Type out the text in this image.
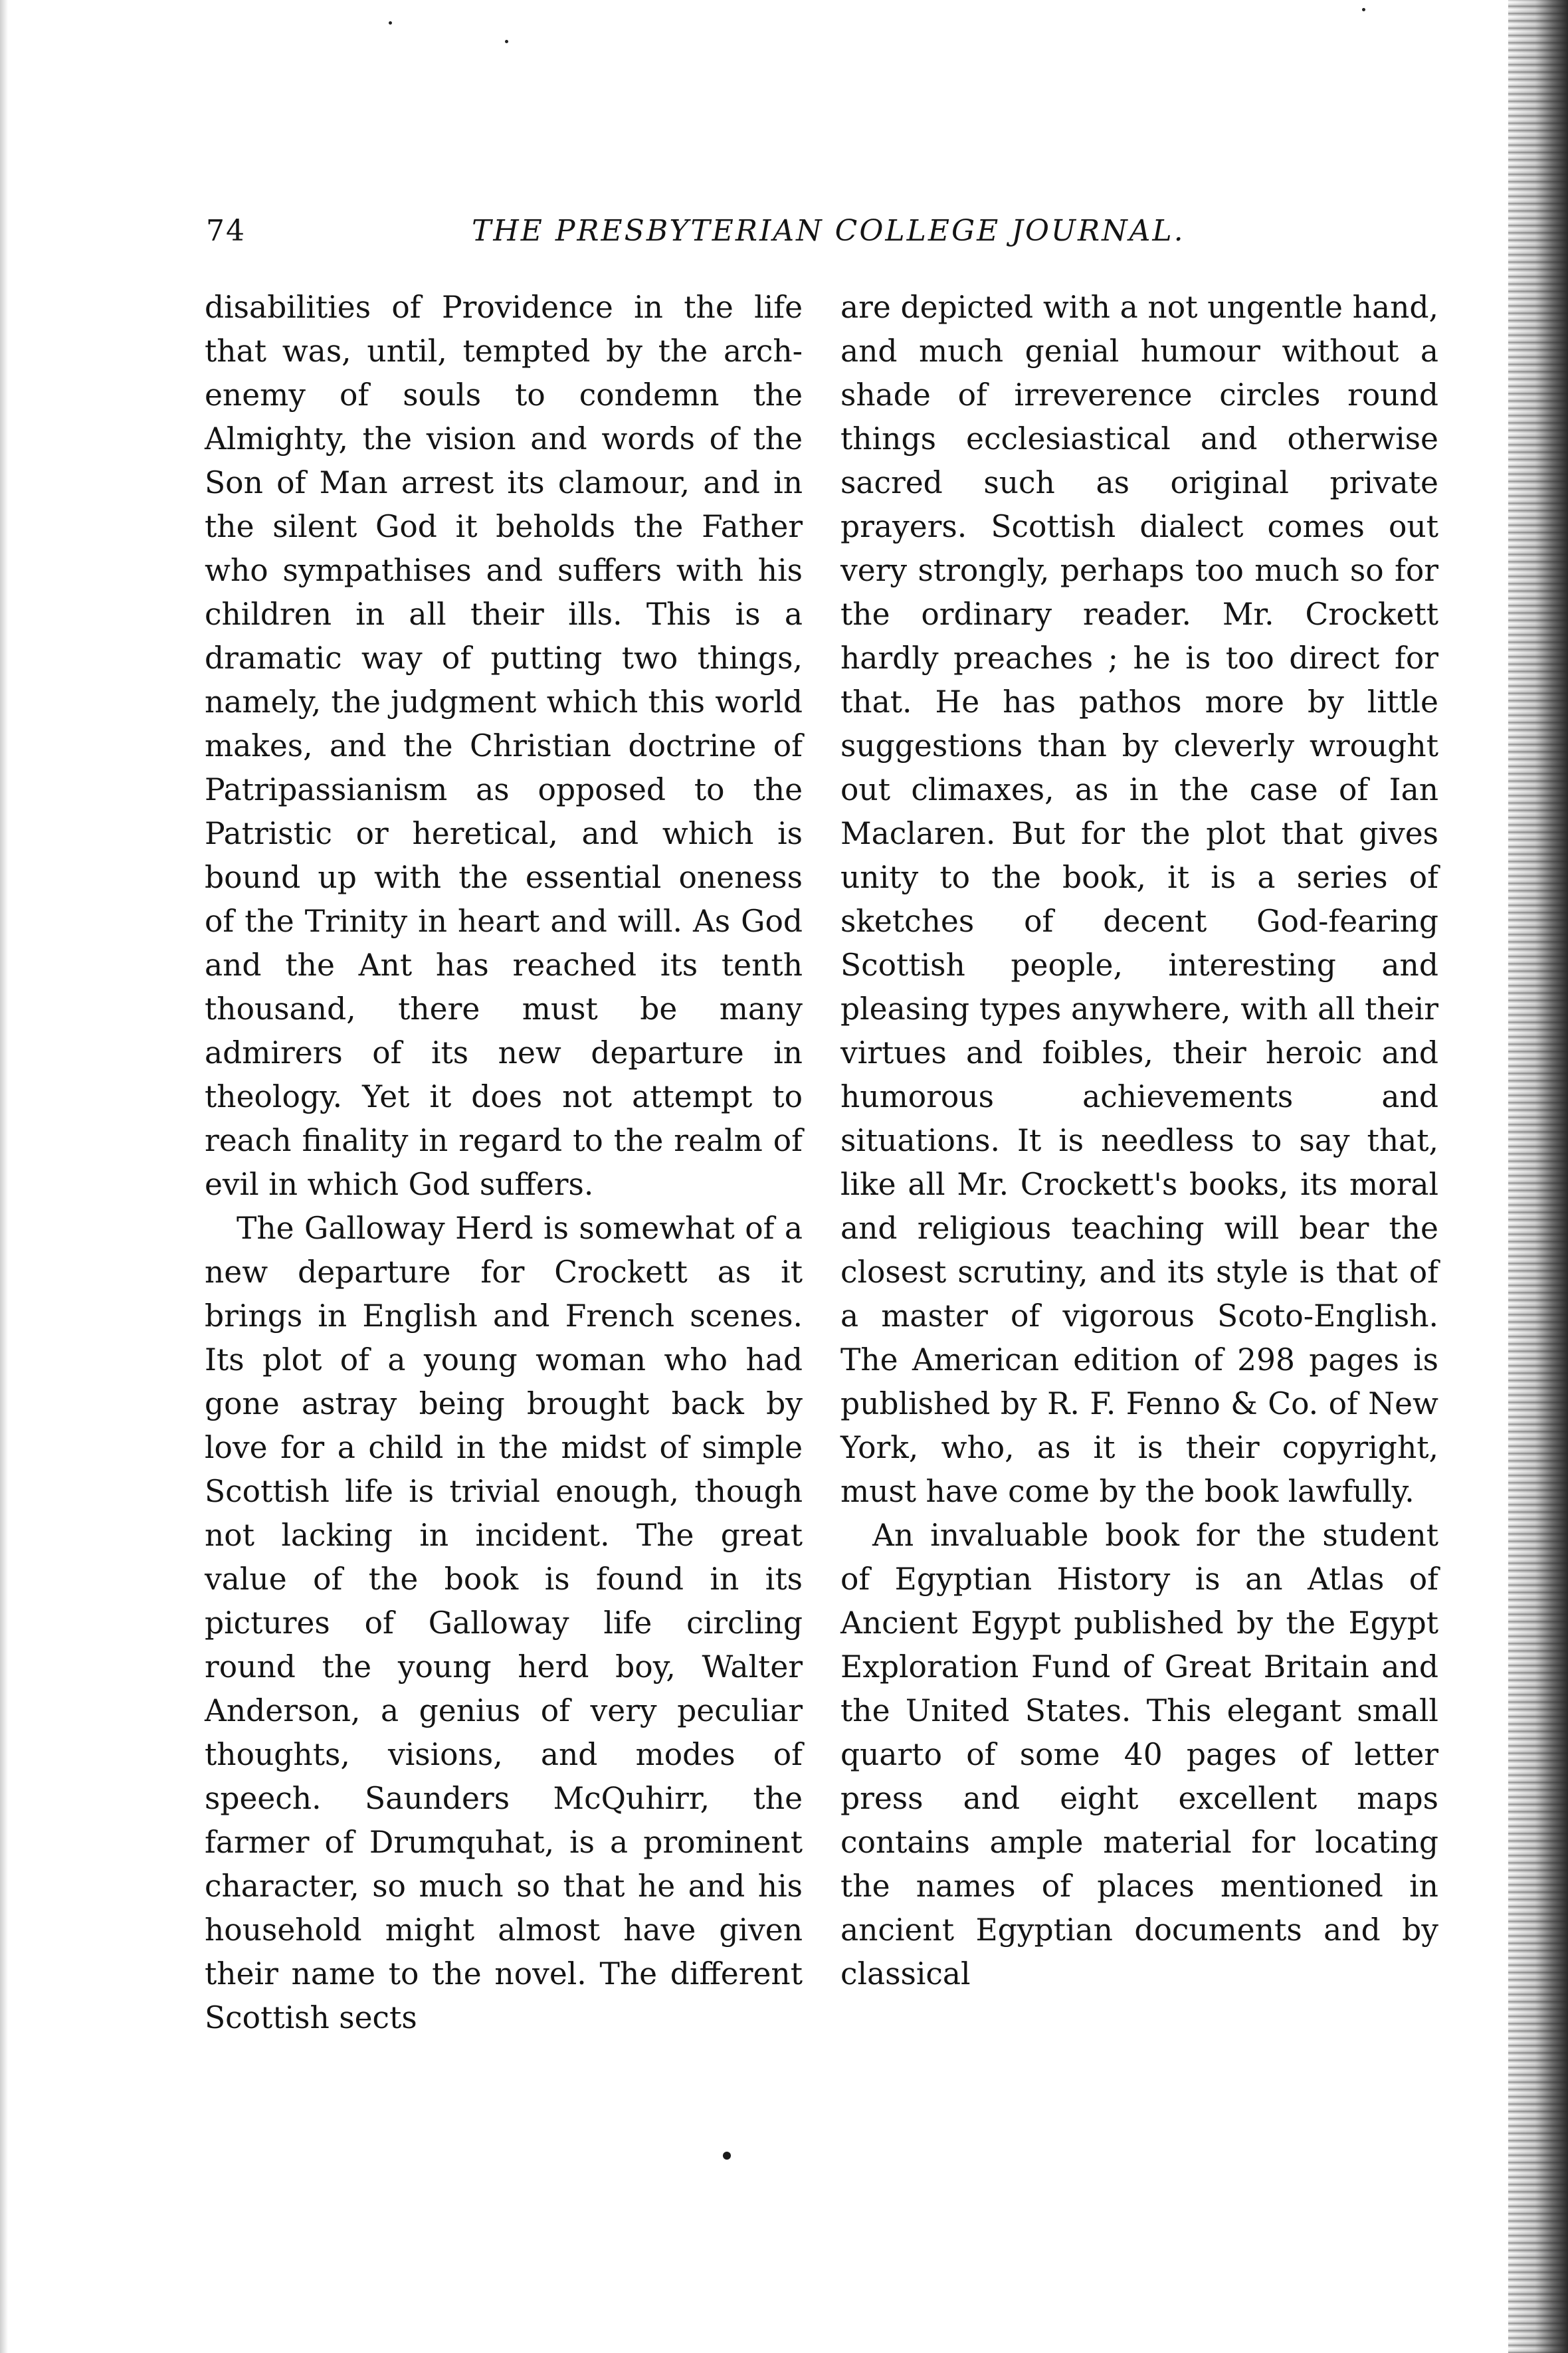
74	THE PRESBYTERIAN COLLEGE JOURNAL.

disabilities of Providence in the life that was, until, tempted by the arch-enemy of souls to condemn the Almighty, the vision and words of the Son of Man arrest its clamour, and in the silent God it beholds the Father who sympathises and suffers with his children in all their ills. This is a dramatic way of putting two things, namely, the judgment which this world makes, and the Christian doctrine of Patripassianism as opposed to the Patristic or heretical, and which is bound up with the essential oneness of the Trinity in heart and will. As God and the Ant has reached its tenth thousand, there must be many admirers of its new departure in theology. Yet it does not attempt to reach finality in regard to the realm of evil in which God suffers.

The Galloway Herd is somewhat of a new departure for Crockett as it brings in English and French scenes. Its plot of a young woman who had gone astray being brought back by love for a child in the midst of simple Scottish life is trivial enough, though not lacking in incident. The great value of the book is found in its pictures of Galloway life circling round the young herd boy, Walter Anderson, a genius of very peculiar thoughts, visions, and modes of speech. Saunders McQuhirr, the farmer of Drumquhat, is a prominent character, so much so that he and his household might almost have given their name to the novel. The different Scottish sects

are depicted with a not ungentle hand, and much genial humour without a shade of irreverence circles round things ecclesiastical and otherwise sacred such as original private prayers. Scottish dialect comes out very strongly, perhaps too much so for the ordinary reader. Mr. Crockett hardly preaches ; he is too direct for that. He has pathos more by little suggestions than by cleverly wrought out climaxes, as in the case of Ian Maclaren. But for the plot that gives unity to the book, it is a series of sketches of decent God-fearing Scottish people, interesting and pleasing types anywhere, with all their virtues and foibles, their heroic and humorous achievements and situations. It is needless to say that, like all Mr. Crockett's books, its moral and religious teaching will bear the closest scrutiny, and its style is that of a master of vigorous Scoto-English. The American edition of 298 pages is published by R. F. Fenno & Co. of New York, who, as it is their copyright, must have come by the book lawfully.

An invaluable book for the student of Egyptian History is an Atlas of Ancient Egypt published by the Egypt Exploration Fund of Great Britain and the United States. This elegant small quarto of some 40 pages of letter press and eight excellent maps contains ample material for locating the names of places mentioned in ancient Egyptian documents and by classical
